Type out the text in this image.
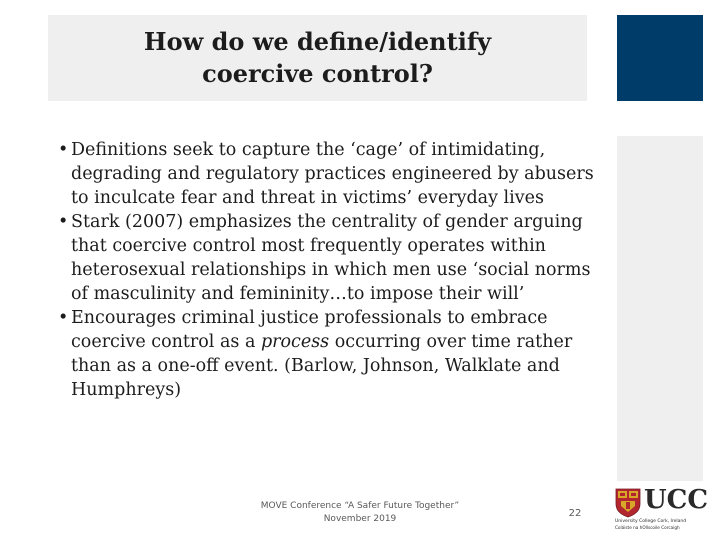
How do we define/identify
coercive control?
• Definitions seek to capture the ‘cage’ of intimidating, degrading and regulatory practices engineered by abusers to inculcate fear and threat in victims’ everyday lives
• Stark (2007) emphasizes the centrality of gender arguing that coercive control most frequently operates within heterosexual relationships in which men use ‘social norms of masculinity and femininity…to impose their will’
• Encourages criminal justice professionals to embrace coercive control as a process occurring over time rather than as a one-off event. (Barlow, Johnson, Walklate and Humphreys)
MOVE Conference “A Safer Future Together”
November 2019	22	UCC
University College Cork, Ireland
Coláiste na hOllscoile Corcaigh
